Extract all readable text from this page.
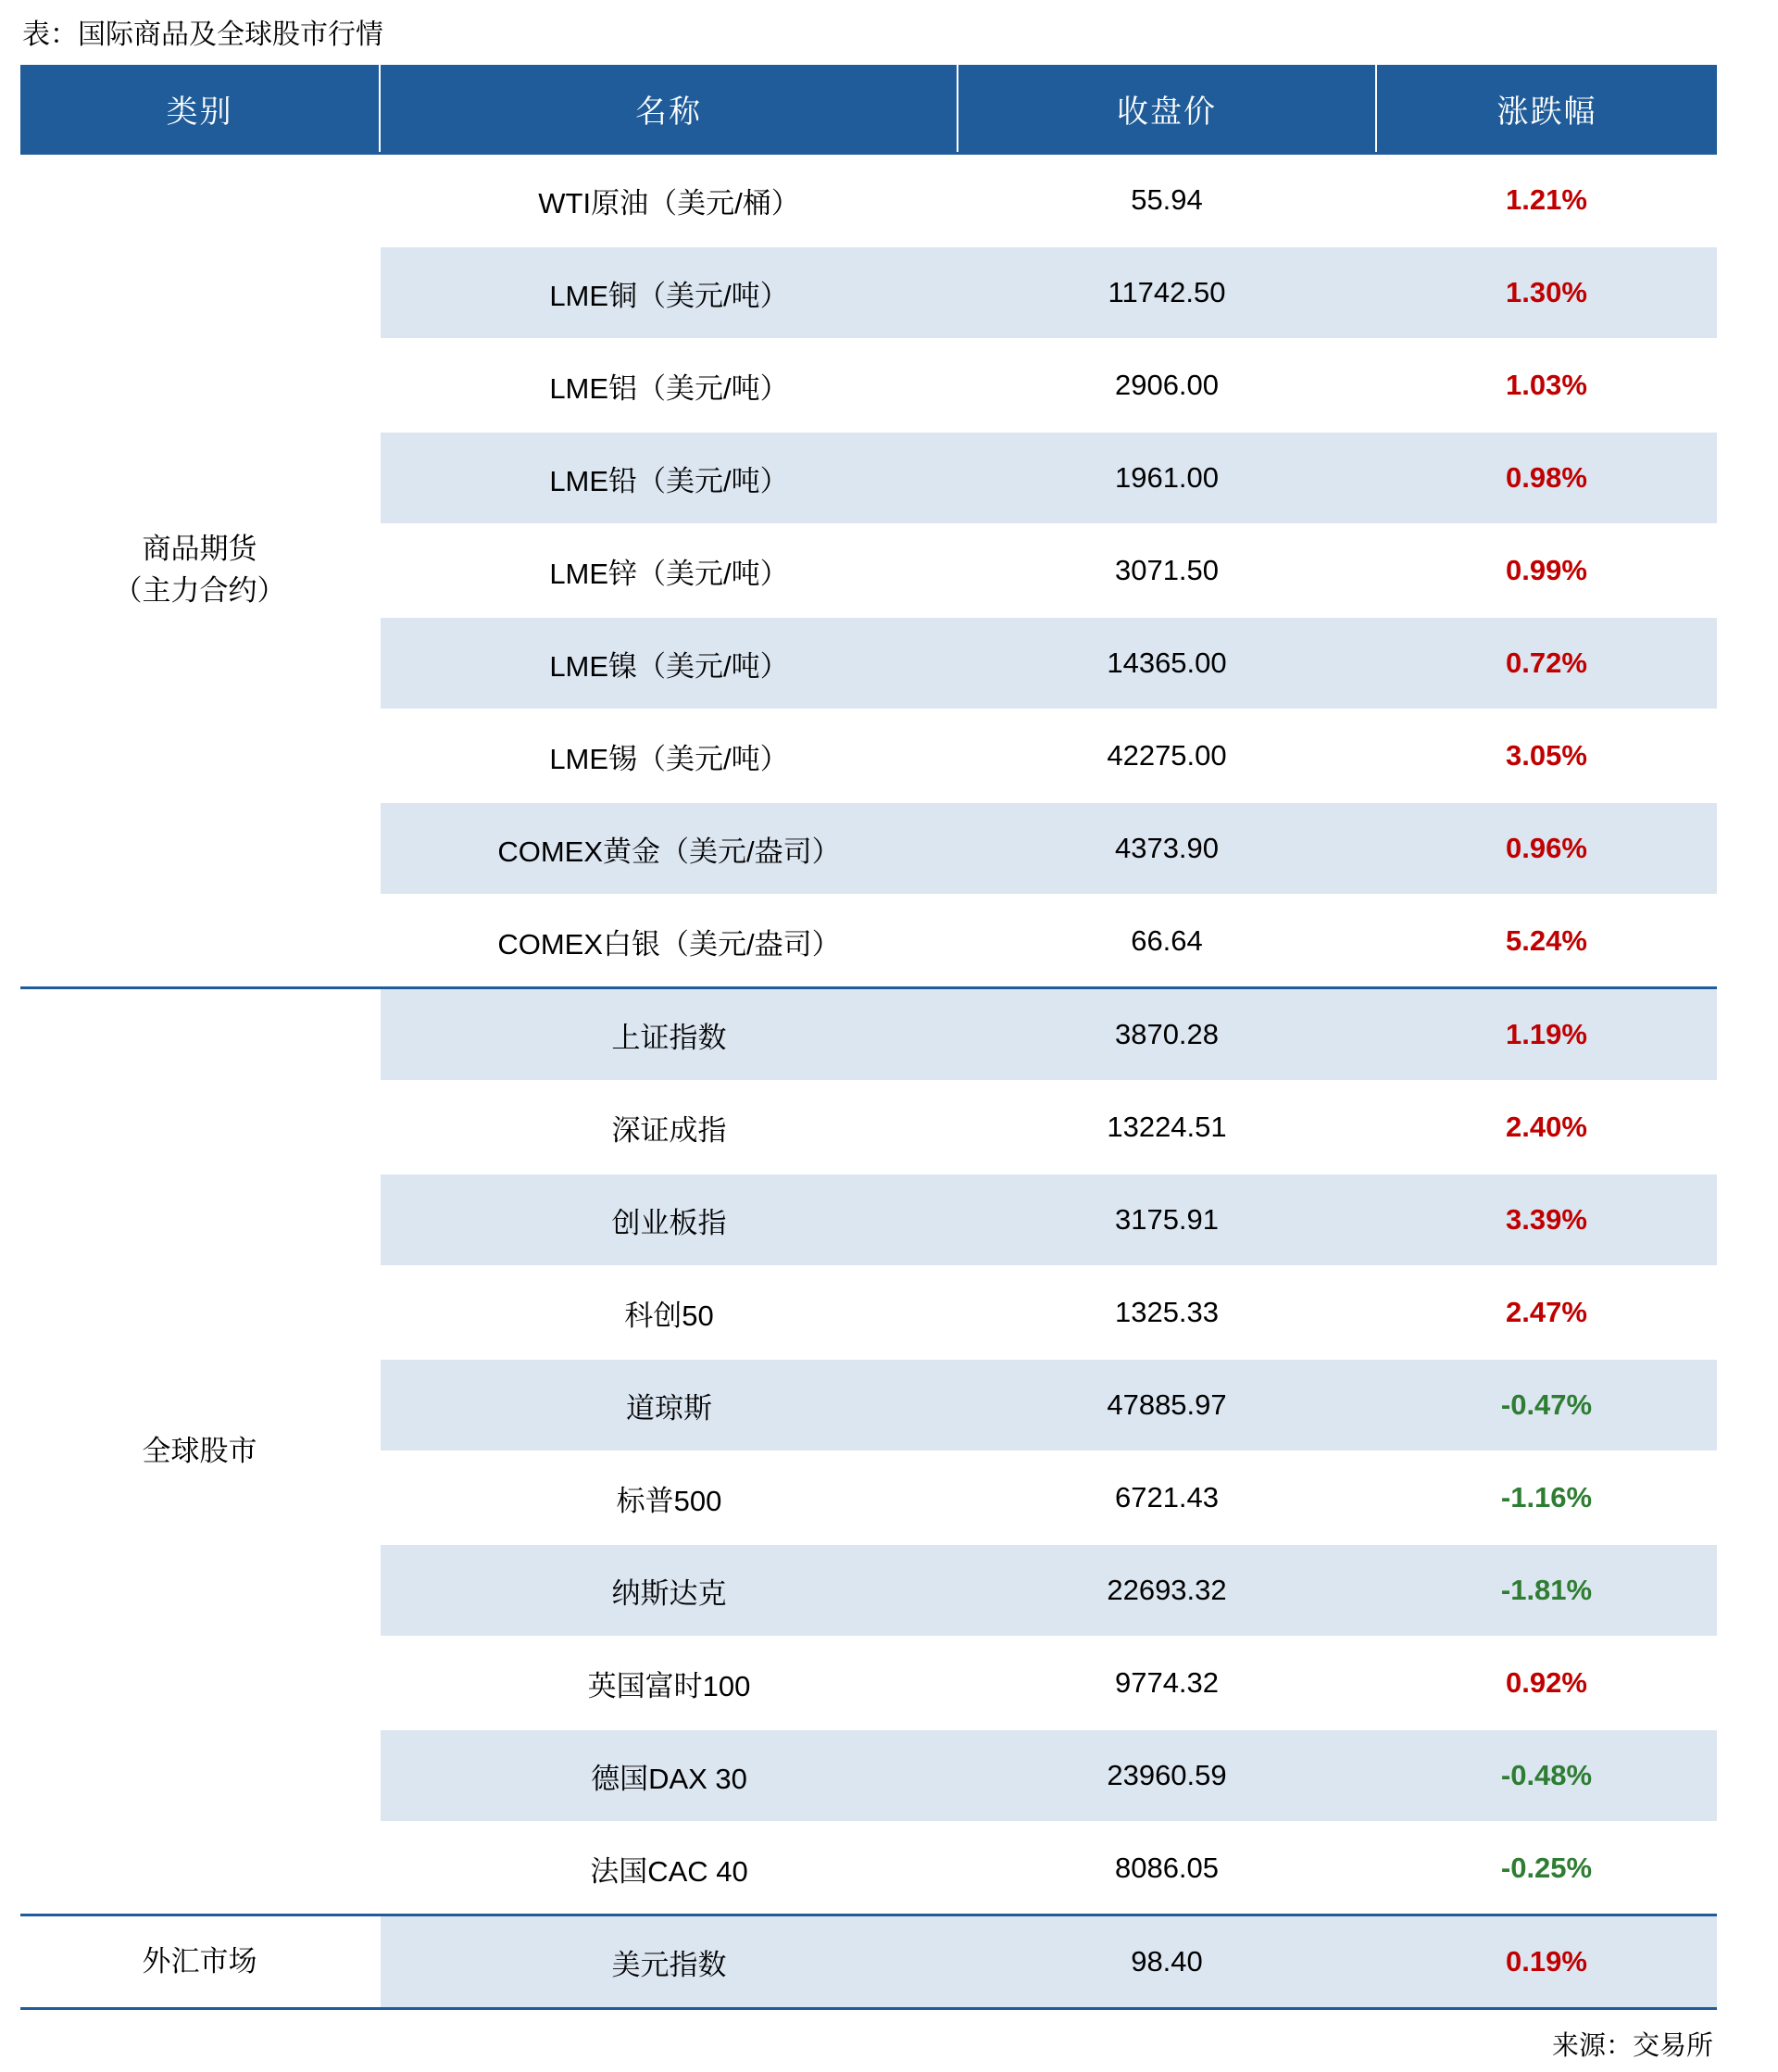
表：国际商品及全球股市行情
类别	名称	收盘价	涨跌幅
商品期货
（主力合约）	WTI原油（美元/桶）	55.94	1.21%
	LME铜（美元/吨）	11742.50	1.30%
	LME铝（美元/吨）	2906.00	1.03%
	LME铅（美元/吨）	1961.00	0.98%
	LME锌（美元/吨）	3071.50	0.99%
	LME镍（美元/吨）	14365.00	0.72%
	LME锡（美元/吨）	42275.00	3.05%
	COMEX黄金（美元/盎司）	4373.90	0.96%
	COMEX白银（美元/盎司）	66.64	5.24%
全球股市	上证指数	3870.28	1.19%
	深证成指	13224.51	2.40%
	创业板指	3175.91	3.39%
	科创50	1325.33	2.47%
	道琼斯	47885.97	-0.47%
	标普500	6721.43	-1.16%
	纳斯达克	22693.32	-1.81%
	英国富时100	9774.32	0.92%
	德国DAX 30	23960.59	-0.48%
	法国CAC 40	8086.05	-0.25%
外汇市场	美元指数	98.40	0.19%
来源：交易所
